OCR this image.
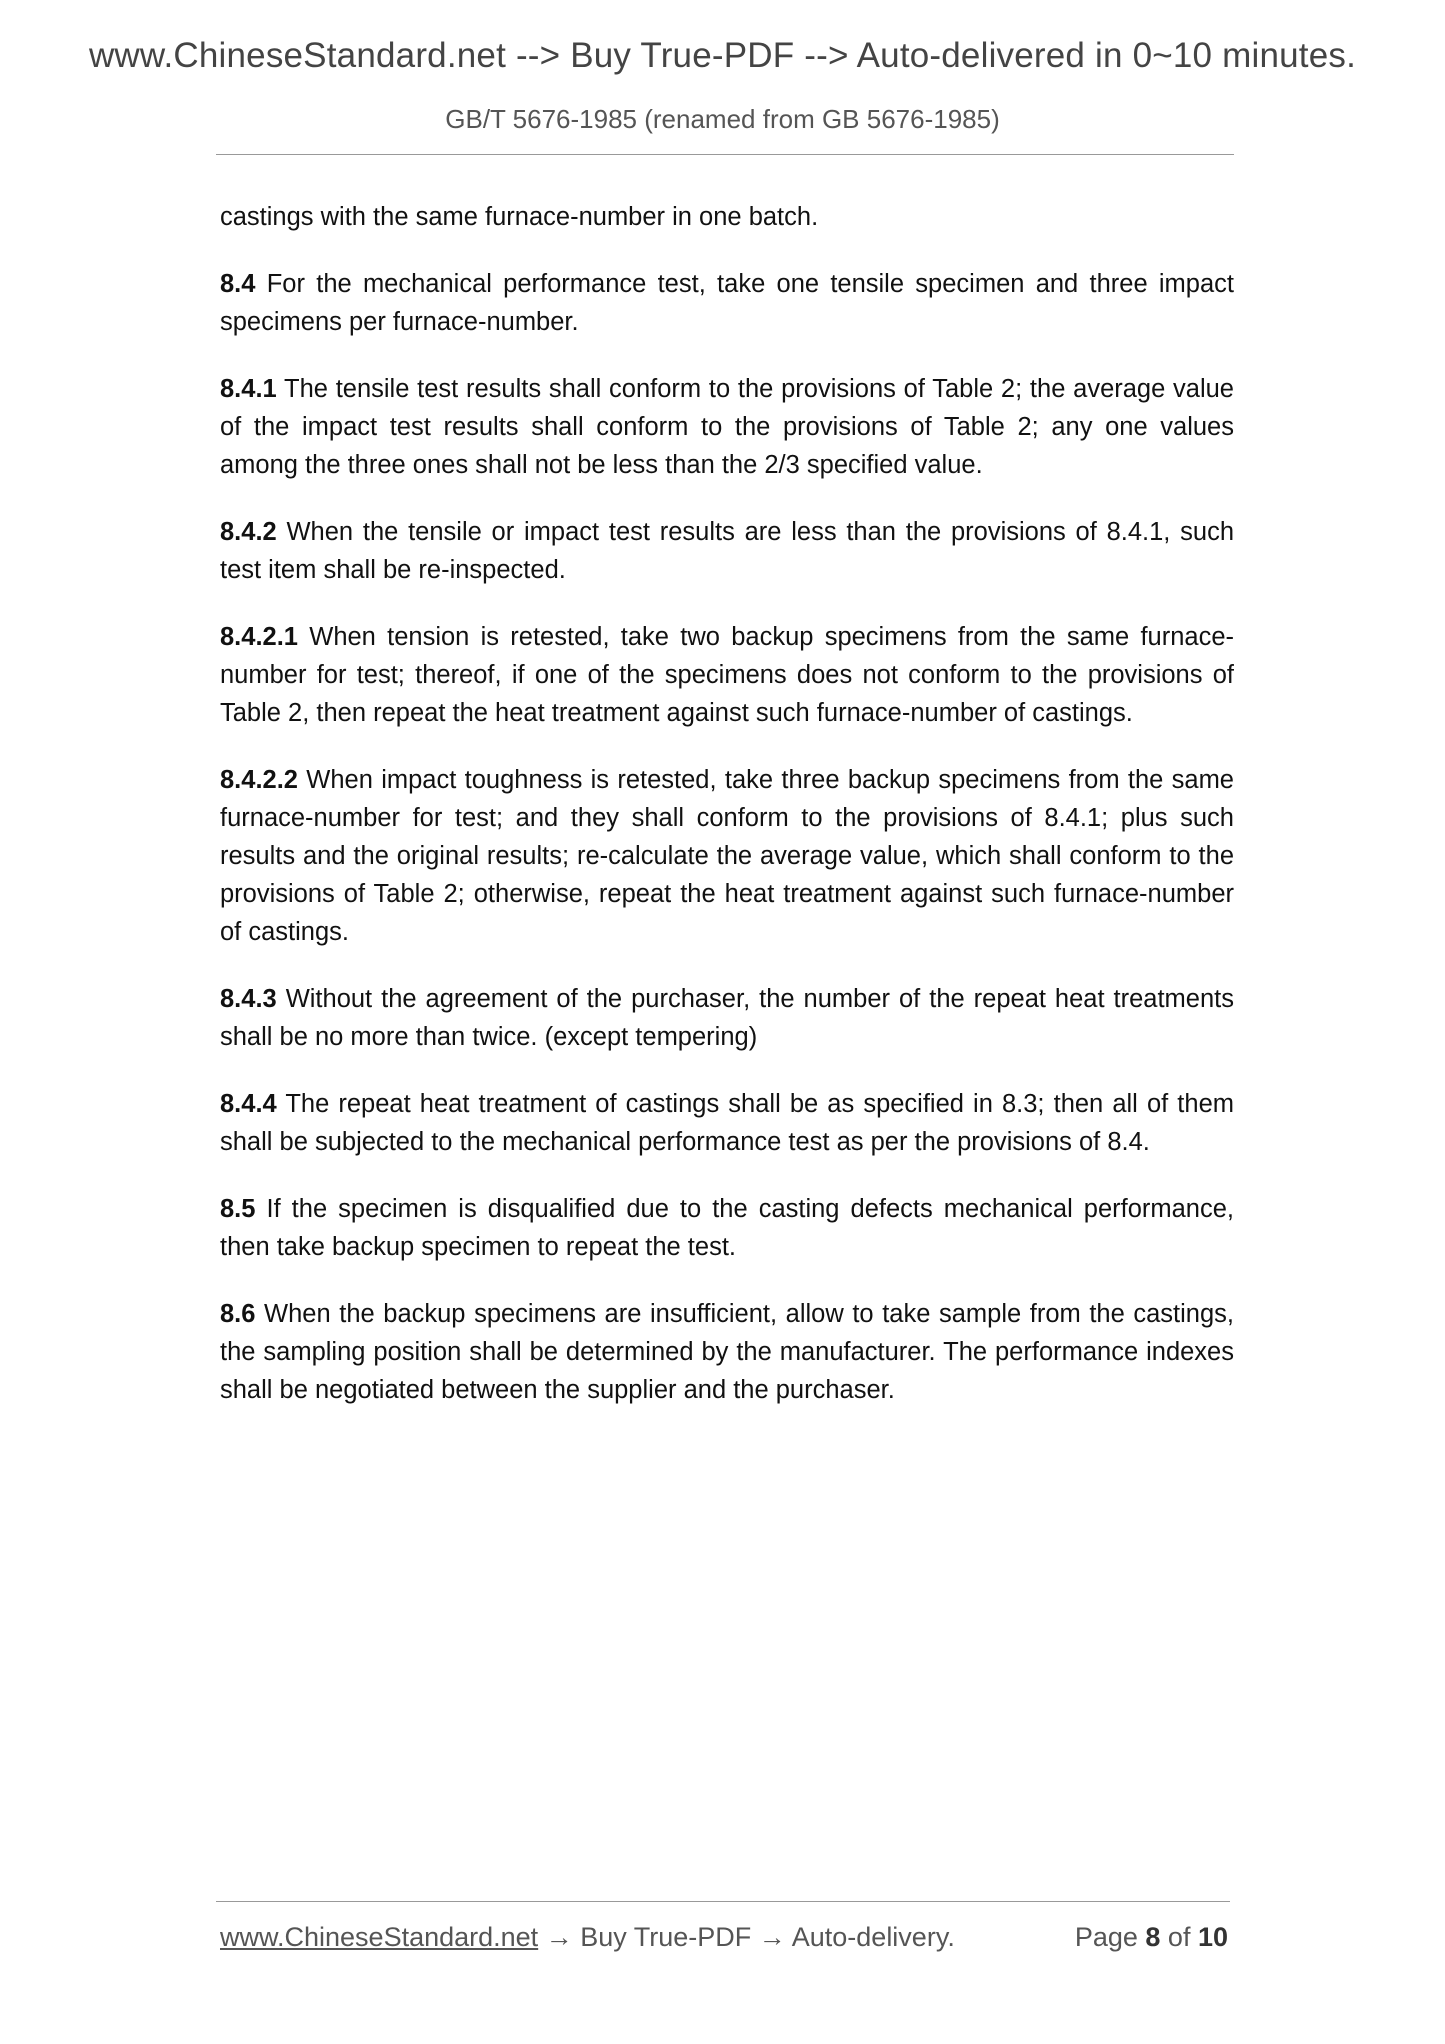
www.ChineseStandard.net --> Buy True-PDF --> Auto-delivered in 0~10 minutes.
GB/T 5676-1985 (renamed from GB 5676-1985)

castings with the same furnace-number in one batch.

8.4 For the mechanical performance test, take one tensile specimen and three impact specimens per furnace-number.

8.4.1 The tensile test results shall conform to the provisions of Table 2; the average value of the impact test results shall conform to the provisions of Table 2; any one values among the three ones shall not be less than the 2/3 specified value.

8.4.2 When the tensile or impact test results are less than the provisions of 8.4.1, such test item shall be re-inspected.

8.4.2.1 When tension is retested, take two backup specimens from the same furnace-number for test; thereof, if one of the specimens does not conform to the provisions of Table 2, then repeat the heat treatment against such furnace-number of castings.

8.4.2.2 When impact toughness is retested, take three backup specimens from the same furnace-number for test; and they shall conform to the provisions of 8.4.1; plus such results and the original results; re-calculate the average value, which shall conform to the provisions of Table 2; otherwise, repeat the heat treatment against such furnace-number of castings.

8.4.3 Without the agreement of the purchaser, the number of the repeat heat treatments shall be no more than twice. (except tempering)

8.4.4 The repeat heat treatment of castings shall be as specified in 8.3; then all of them shall be subjected to the mechanical performance test as per the provisions of 8.4.

8.5 If the specimen is disqualified due to the casting defects mechanical performance, then take backup specimen to repeat the test.

8.6 When the backup specimens are insufficient, allow to take sample from the castings, the sampling position shall be determined by the manufacturer. The performance indexes shall be negotiated between the supplier and the purchaser.

www.ChineseStandard.net → Buy True-PDF → Auto-delivery.	Page 8 of 10
